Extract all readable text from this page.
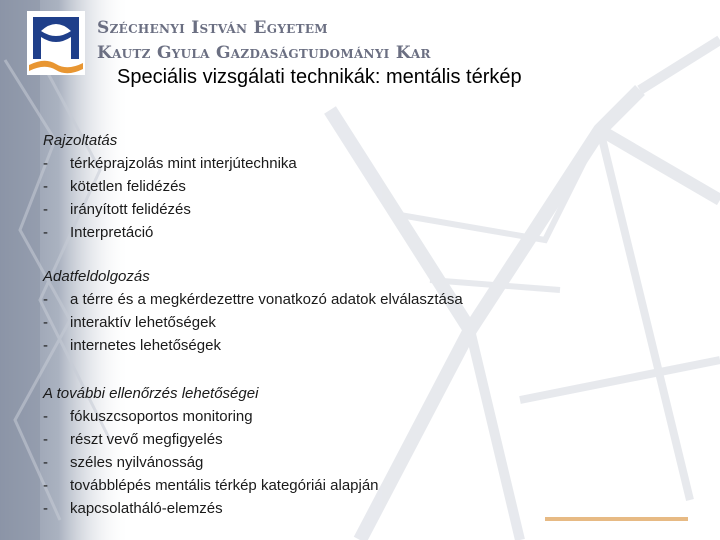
Széchenyi István Egyetem
Kautz Gyula Gazdaságtudományi Kar
Speciális vizsgálati technikák: mentális térkép
Rajzoltatás
-	térképrajzolás mint interjútechnika
-	kötetlen felidézés
-	irányított felidézés
-	Interpretáció
Adatfeldolgozás
-	a térre és a megkérdezettre vonatkozó adatok elválasztása
-	interaktív lehetőségek
-	internetes lehetőségek
A további ellenőrzés lehetőségei
-	fókuszcsoportos monitoring
-	részt vevő megfigyelés
-	széles nyilvánosság
-	továbblépés mentális térkép kategóriái alapján
-	kapcsolatháló-elemzés
